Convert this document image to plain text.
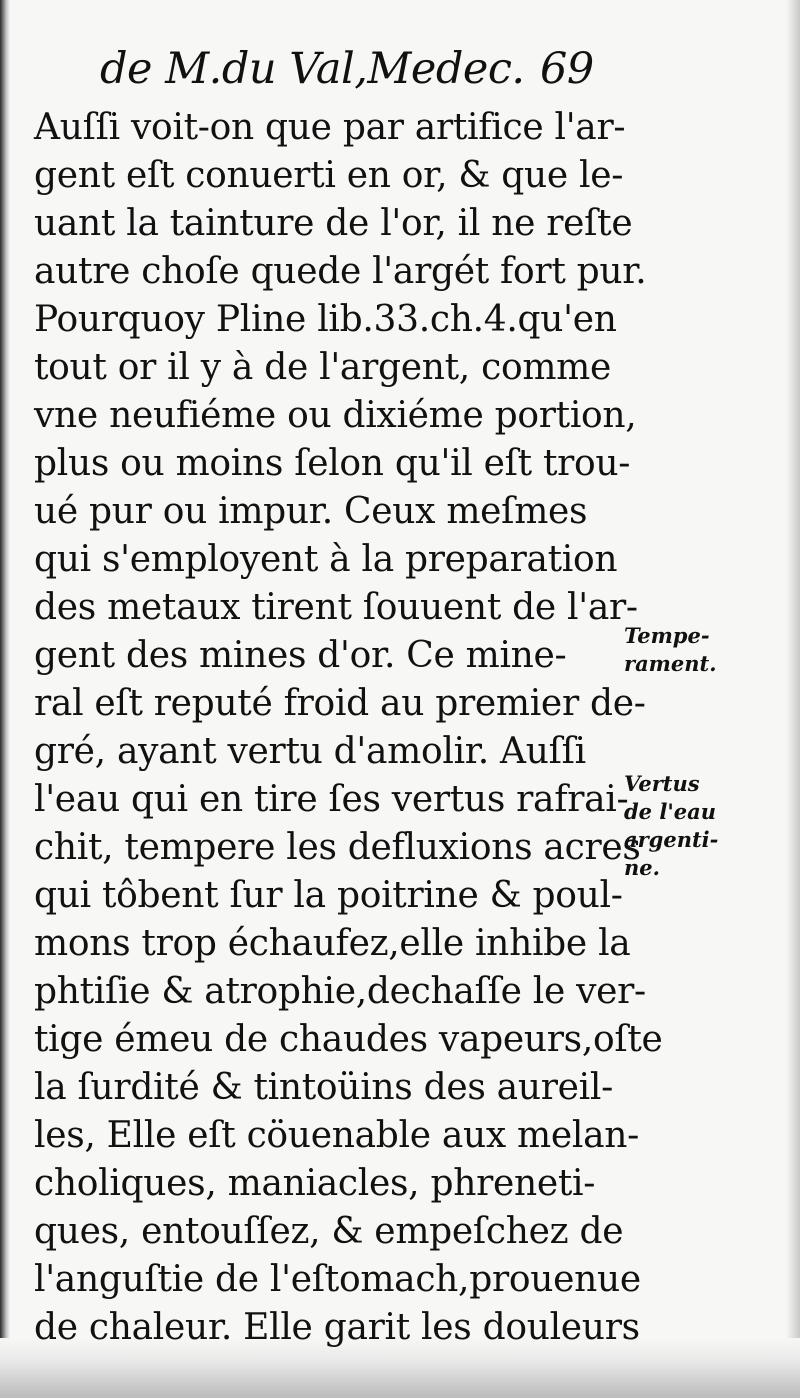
de M.du Val,Medec. 69
Auſſi voit-on que par artifice l'ar-
gent eſt conuerti en or, & que le-
uant la tainture de l'or, il ne reſte
autre choſe quede l'argét fort pur.
Pourquoy Pline lib.33.ch.4.qu'en
tout or il y à de l'argent, comme
vne neufiéme ou dixiéme portion,
plus ou moins ſelon qu'il eſt trou-
ué pur ou impur. Ceux meſmes
qui s'employent à la preparation
des metaux tirent ſouuent de l'ar-
gent des mines d'or. Ce mine-
ral eſt reputé froid au premier de-
gré, ayant vertu d'amolir. Auſſi
l'eau qui en tire ſes vertus rafrai-
chit, tempere les defluxions acres
qui tôbent ſur la poitrine & poul-
mons trop échaufez,elle inhibe la
phtiſie & atrophie,dechaſſe le ver-
tige émeu de chaudes vapeurs,oſte
la ſurdité & tintoüins des aureil-
les, Elle eſt cöuenable aux melan-
choliques, maniacles, phreneti-
ques, entouſſez, & empeſchez de
l'anguſtie de l'eſtomach,prouenue
de chaleur. Elle garit les douleurs
Tempe-
rament.
Vertus
de l'eau
argenti-
ne.
